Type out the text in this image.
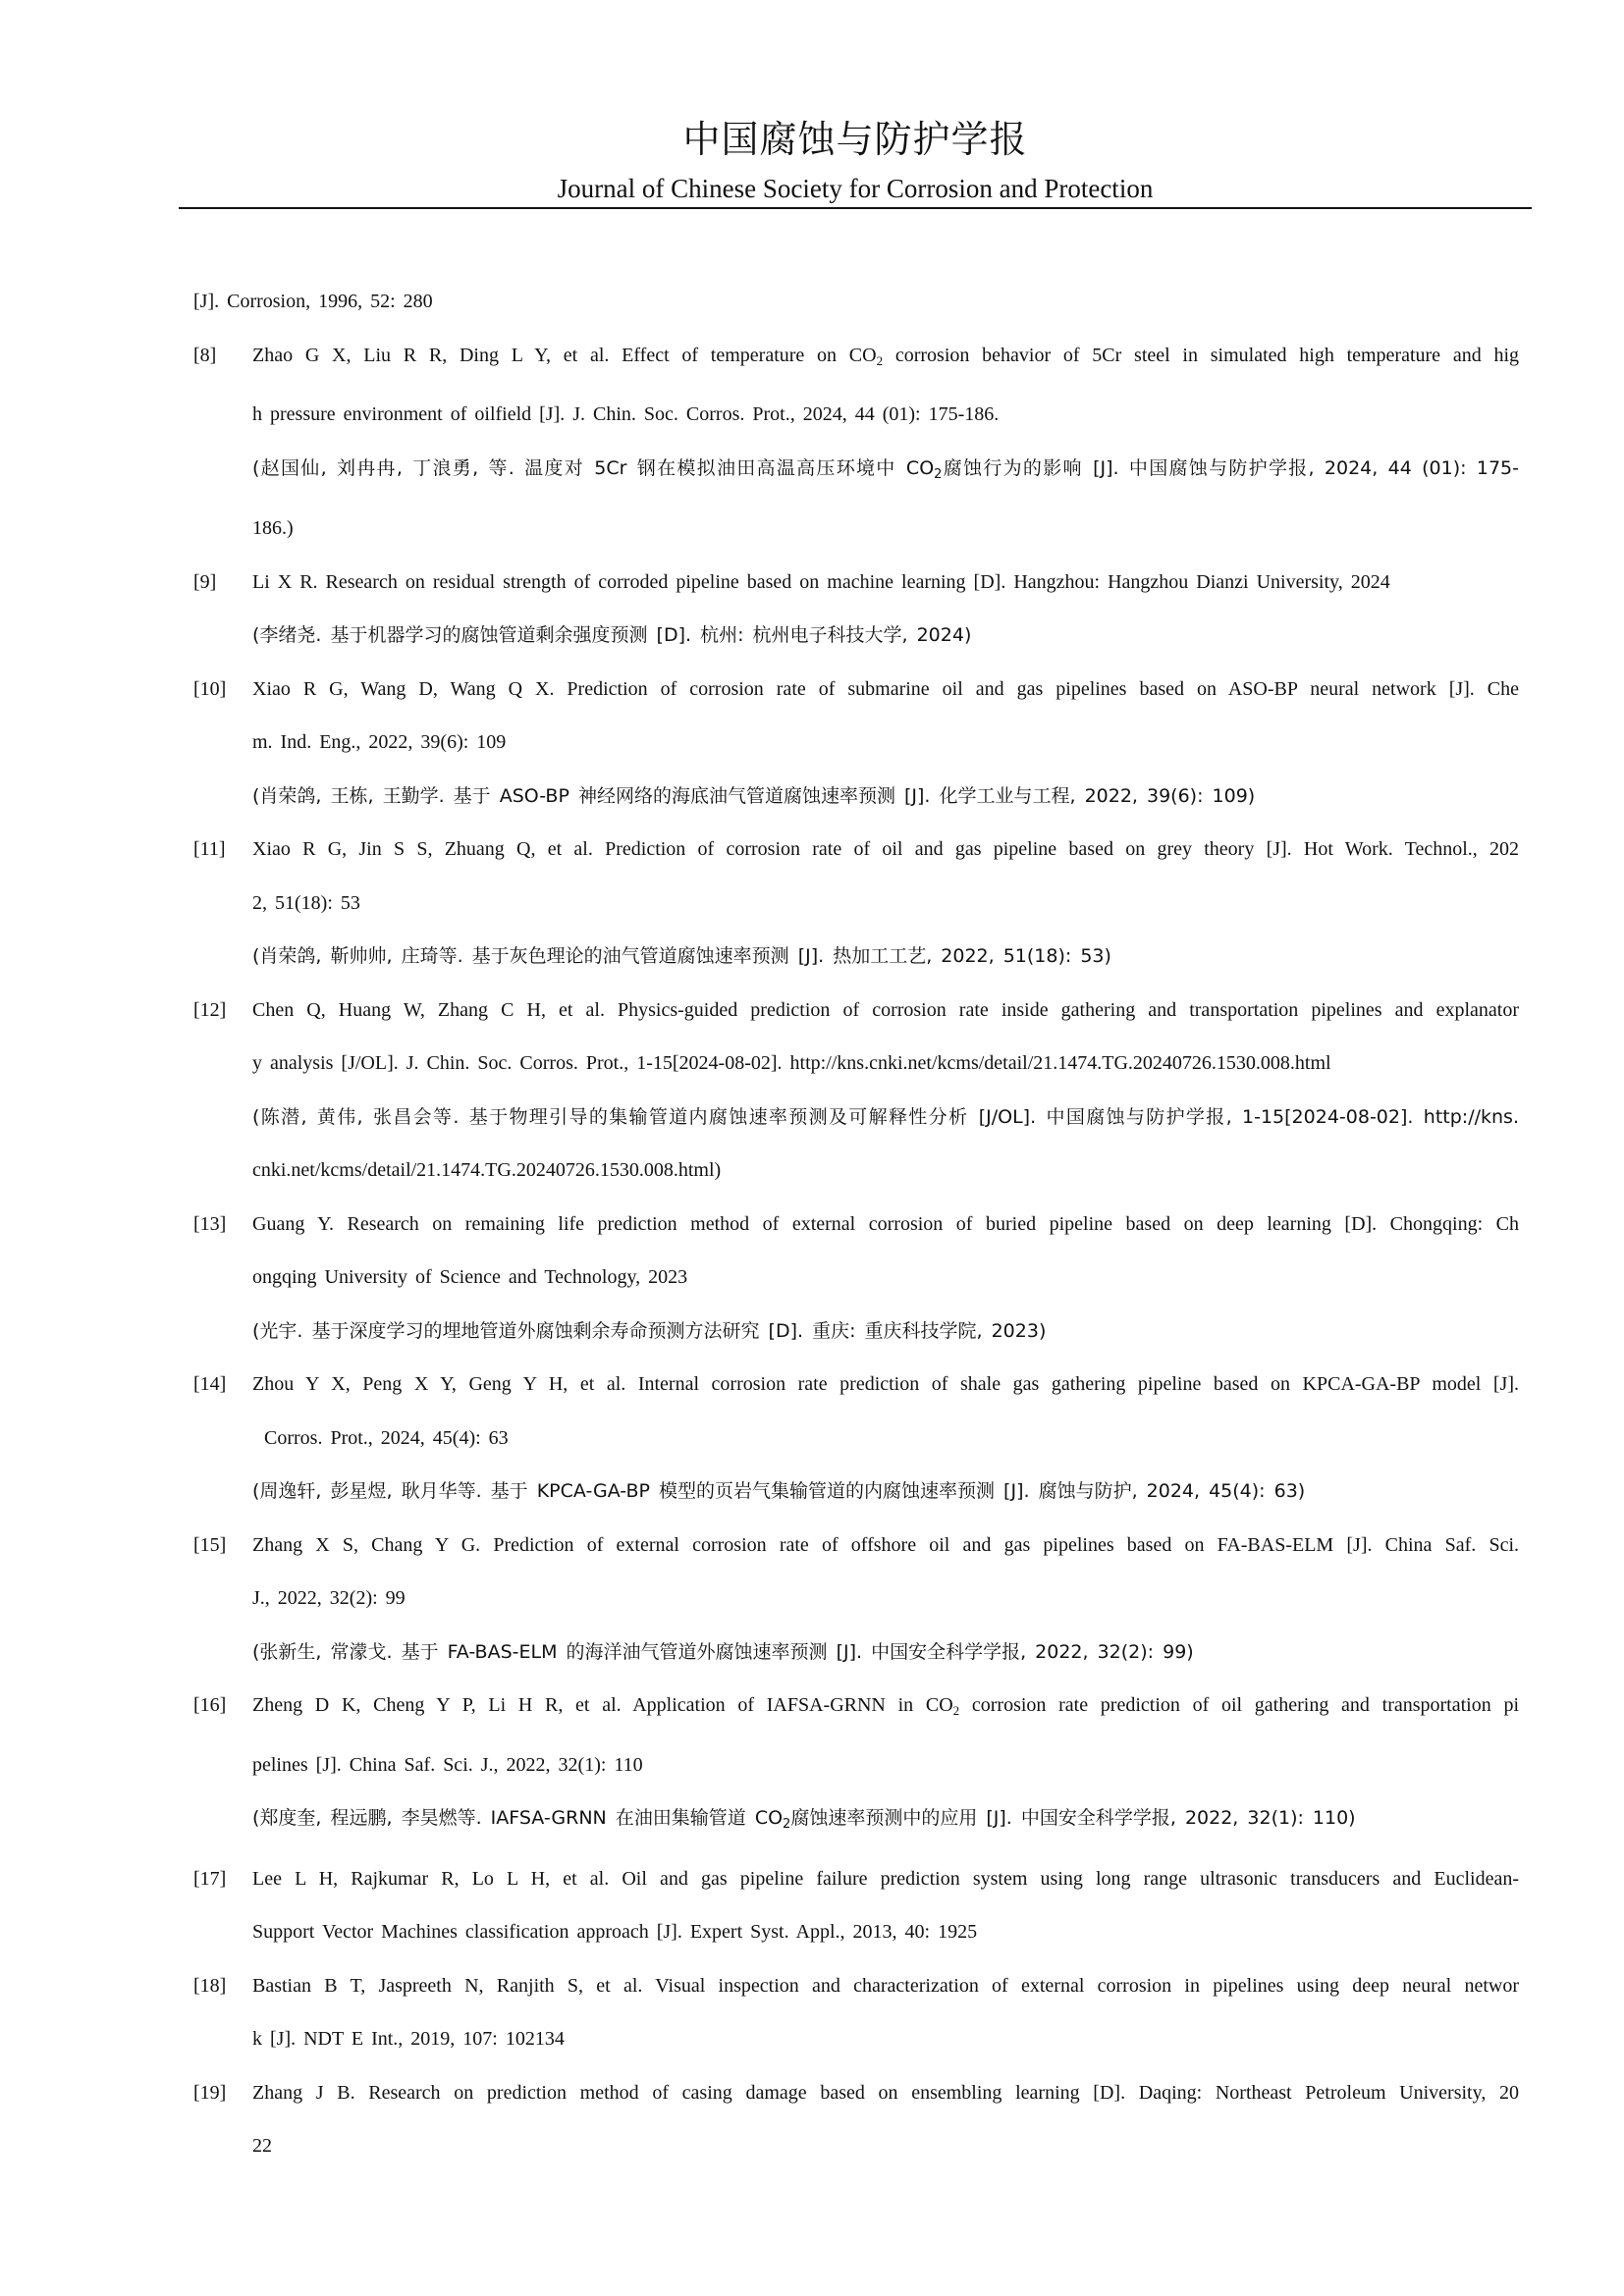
中国腐蚀与防护学报
Journal of Chinese Society for Corrosion and Protection
[J]. Corrosion, 1996, 52: 280
[8] Zhao G X, Liu R R, Ding L Y, et al. Effect of temperature on $CO_2$ corrosion behavior of 5Cr steel in simulated high temperature and hig
h pressure environment of oilfield [J]. J. Chin. Soc. Corros. Prot., 2024, 44 (01): 175-186.
(赵国仙, 刘冉冉, 丁浪勇, 等. 温度对 5Cr 钢在模拟油田高温高压环境中 $CO_2$腐蚀行为的影响 [J]. 中国腐蚀与防护学报, 2024, 44 (01): 175-
186.)
[9] Li X R. Research on residual strength of corroded pipeline based on machine learning [D]. Hangzhou: Hangzhou Dianzi University, 2024
(李绪尧. 基于机器学习的腐蚀管道剩余强度预测 [D]. 杭州: 杭州电子科技大学, 2024)
[10] Xiao R G, Wang D, Wang Q X. Prediction of corrosion rate of submarine oil and gas pipelines based on ASO-BP neural network [J]. Che
m. Ind. Eng., 2022, 39(6): 109
(肖荣鸽, 王栋, 王勤学. 基于 ASO-BP 神经网络的海底油气管道腐蚀速率预测 [J]. 化学工业与工程, 2022, 39(6): 109)
[11] Xiao R G, Jin S S, Zhuang Q, et al. Prediction of corrosion rate of oil and gas pipeline based on grey theory [J]. Hot Work. Technol., 202
2, 51(18): 53
(肖荣鸽, 靳帅帅, 庄琦等. 基于灰色理论的油气管道腐蚀速率预测 [J]. 热加工工艺, 2022, 51(18): 53)
[12] Chen Q, Huang W, Zhang C H, et al. Physics-guided prediction of corrosion rate inside gathering and transportation pipelines and explanator
y analysis [J/OL]. J. Chin. Soc. Corros. Prot., 1-15[2024-08-02]. http://kns.cnki.net/kcms/detail/21.1474.TG.20240726.1530.008.html
(陈潜, 黄伟, 张昌会等. 基于物理引导的集输管道内腐蚀速率预测及可解释性分析 [J/OL]. 中国腐蚀与防护学报, 1-15[2024-08-02]. http://kns.
cnki.net/kcms/detail/21.1474.TG.20240726.1530.008.html)
[13] Guang Y. Research on remaining life prediction method of external corrosion of buried pipeline based on deep learning [D]. Chongqing: Ch
ongqing University of Science and Technology, 2023
(光宇. 基于深度学习的埋地管道外腐蚀剩余寿命预测方法研究 [D]. 重庆: 重庆科技学院, 2023)
[14] Zhou Y X, Peng X Y, Geng Y H, et al. Internal corrosion rate prediction of shale gas gathering pipeline based on KPCA-GA-BP model [J].
Corros. Prot., 2024, 45(4): 63
(周逸轩, 彭星煜, 耿月华等. 基于 KPCA-GA-BP 模型的页岩气集输管道的内腐蚀速率预测 [J]. 腐蚀与防护, 2024, 45(4): 63)
[15] Zhang X S, Chang Y G. Prediction of external corrosion rate of offshore oil and gas pipelines based on FA-BAS-ELM [J]. China Saf. Sci.
J., 2022, 32(2): 99
(张新生, 常濛戈. 基于 FA-BAS-ELM 的海洋油气管道外腐蚀速率预测 [J]. 中国安全科学学报, 2022, 32(2): 99)
[16] Zheng D K, Cheng Y P, Li H R, et al. Application of IAFSA-GRNN in $CO_2$ corrosion rate prediction of oil gathering and transportation pi
pelines [J]. China Saf. Sci. J., 2022, 32(1): 110
(郑度奎, 程远鹏, 李昊燃等. IAFSA-GRNN 在油田集输管道 $CO_2$腐蚀速率预测中的应用 [J]. 中国安全科学学报, 2022, 32(1): 110)
[17] Lee L H, Rajkumar R, Lo L H, et al. Oil and gas pipeline failure prediction system using long range ultrasonic transducers and Euclidean-
Support Vector Machines classification approach [J]. Expert Syst. Appl., 2013, 40: 1925
[18] Bastian B T, Jaspreeth N, Ranjith S, et al. Visual inspection and characterization of external corrosion in pipelines using deep neural networ
k [J]. NDT E Int., 2019, 107: 102134
[19] Zhang J B. Research on prediction method of casing damage based on ensembling learning [D]. Daqing: Northeast Petroleum University, 20
22
